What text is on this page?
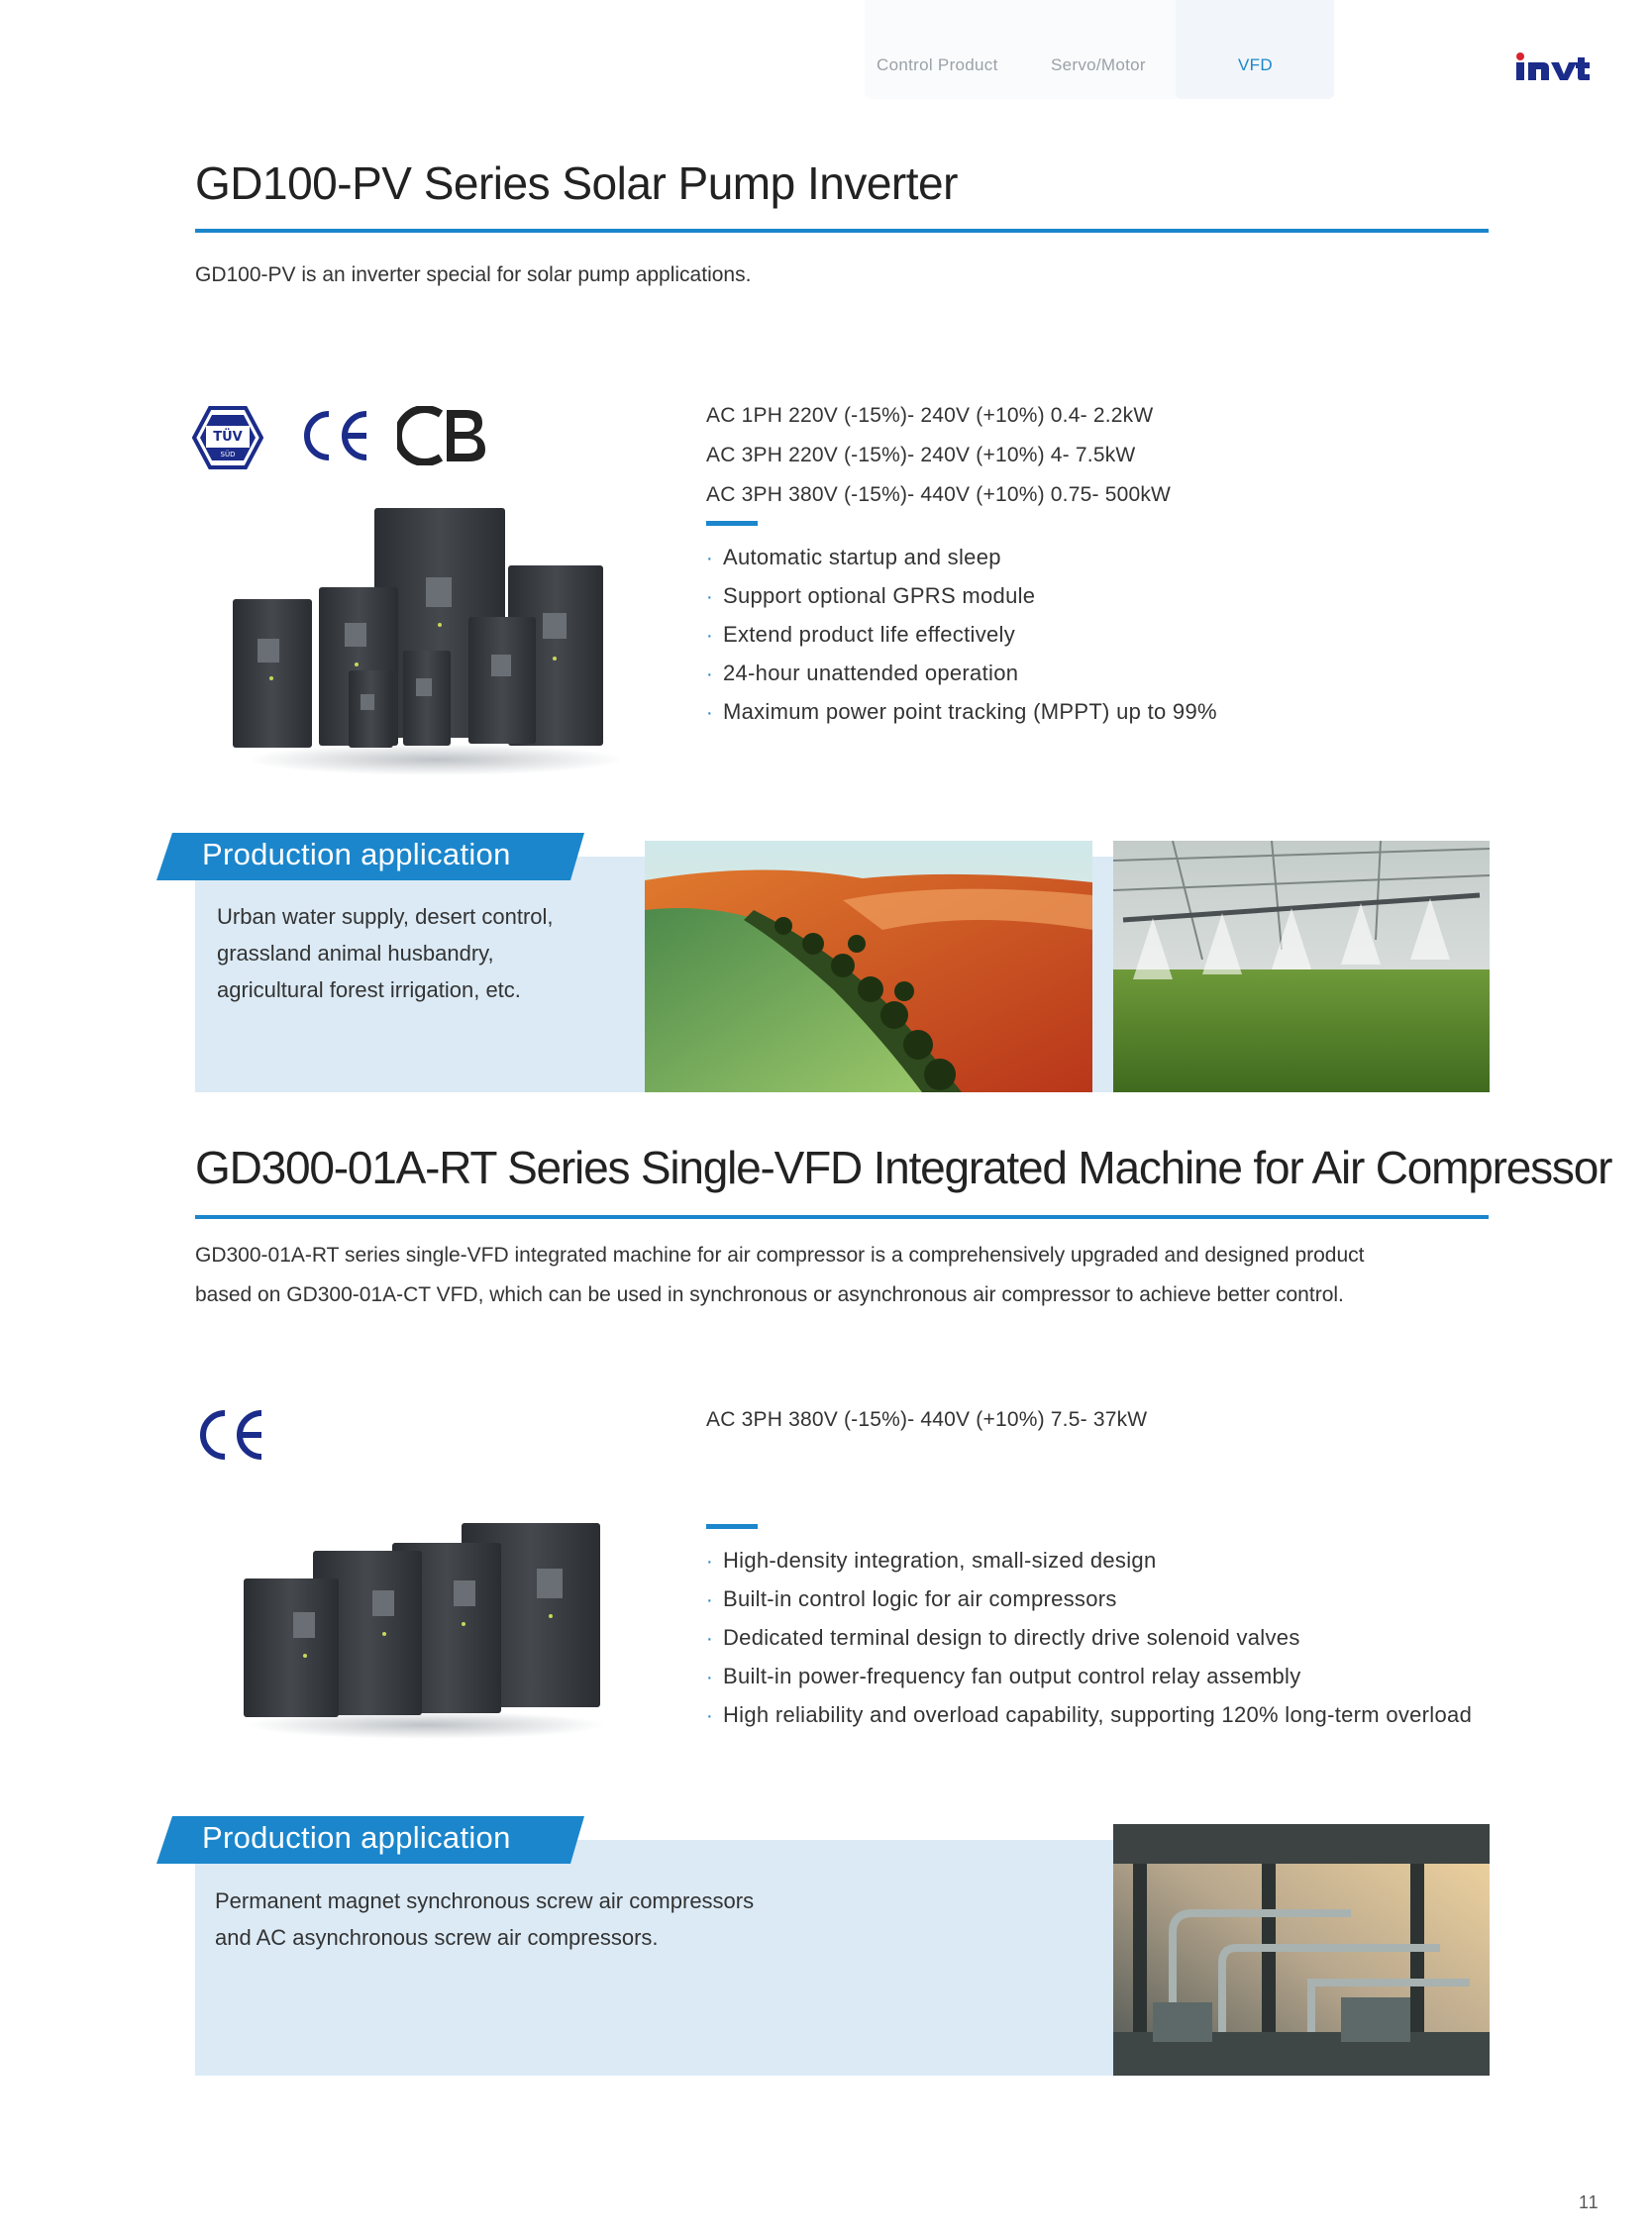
Control Product	Servo/Motor	VFD
GD100-PV Series Solar Pump Inverter
GD100-PV is an inverter special for solar pump applications.
TÜV
SÜD
AC 1PH 220V (-15%)- 240V (+10%) 0.4- 2.2kW
AC 3PH 220V (-15%)- 240V (+10%) 4- 7.5kW
AC 3PH 380V (-15%)- 440V (+10%) 0.75- 500kW
· Automatic startup and sleep
· Support optional GPRS module
· Extend product life effectively
· 24-hour unattended operation
· Maximum power point tracking (MPPT) up to 99%
Production application
Urban water supply, desert control,
grassland animal husbandry,
agricultural forest irrigation, etc.
GD300-01A-RT Series Single-VFD Integrated Machine for Air Compressor
GD300-01A-RT series single-VFD integrated machine for air compressor is a comprehensively upgraded and designed product
based on GD300-01A-CT VFD, which can be used in synchronous or asynchronous air compressor to achieve better control.
AC 3PH 380V (-15%)- 440V (+10%) 7.5- 37kW
· High-density integration, small-sized design
· Built-in control logic for air compressors
· Dedicated terminal design to directly drive solenoid valves
· Built-in power-frequency fan output control relay assembly
· High reliability and overload capability, supporting 120% long-term overload
Production application
Permanent magnet synchronous screw air compressors
and AC asynchronous screw air compressors.
11
